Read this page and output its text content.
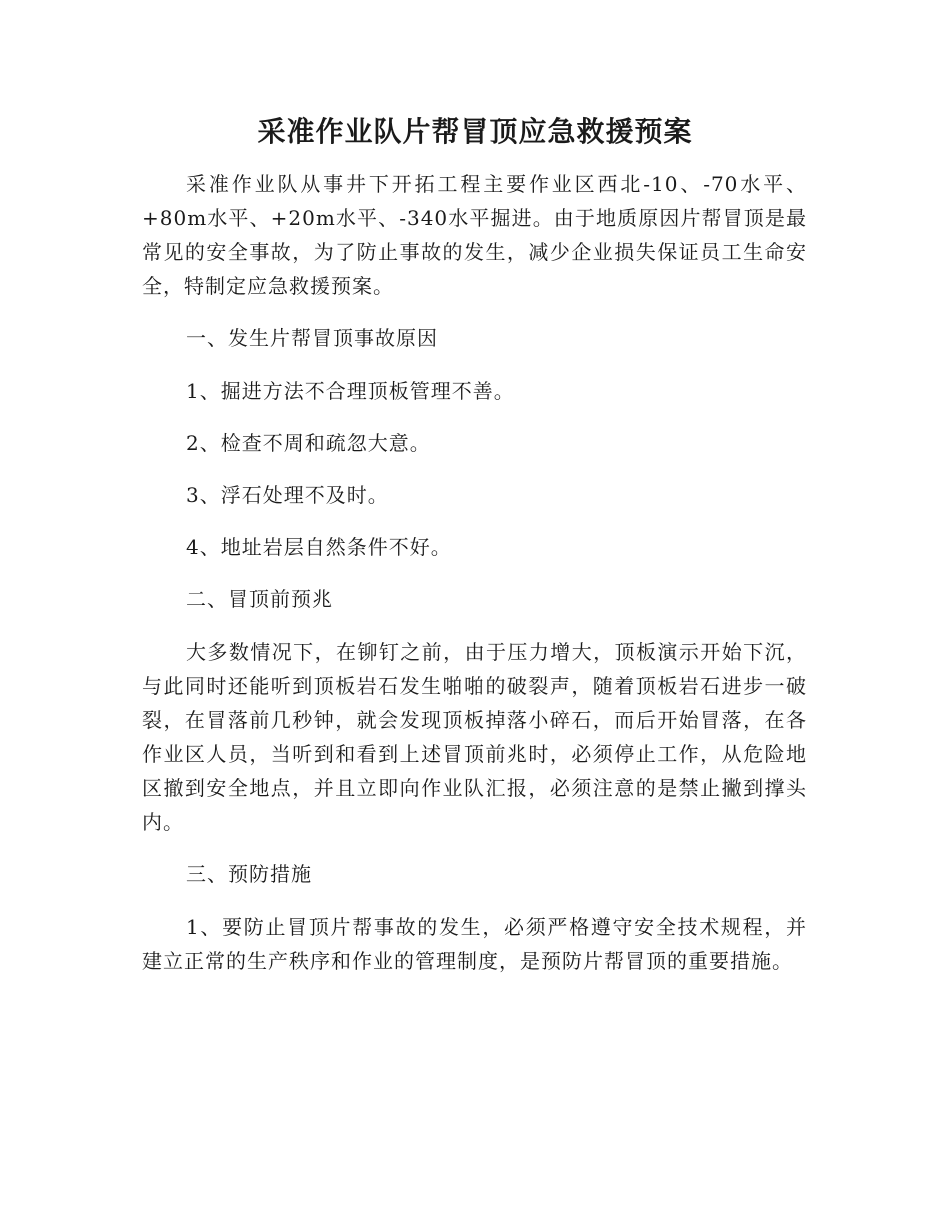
采准作业队片帮冒顶应急救援预案

采准作业队从事井下开拓工程主要作业区西北-10、-70水平、+80m水平、+20m水平、-340水平掘进。由于地质原因片帮冒顶是最常见的安全事故，为了防止事故的发生，减少企业损失保证员工生命安全，特制定应急救援预案。

一、发生片帮冒顶事故原因

1、掘进方法不合理顶板管理不善。

2、检查不周和疏忽大意。

3、浮石处理不及时。

4、地址岩层自然条件不好。

二、冒顶前预兆

大多数情况下，在铆钉之前，由于压力增大，顶板演示开始下沉，与此同时还能听到顶板岩石发生啪啪的破裂声，随着顶板岩石进步一破裂，在冒落前几秒钟，就会发现顶板掉落小碎石，而后开始冒落，在各作业区人员，当听到和看到上述冒顶前兆时，必须停止工作，从危险地区撤到安全地点，并且立即向作业队汇报，必须注意的是禁止撇到撑头内。

三、预防措施

1、要防止冒顶片帮事故的发生，必须严格遵守安全技术规程，并建立正常的生产秩序和作业的管理制度，是预防片帮冒顶的重要措施。
